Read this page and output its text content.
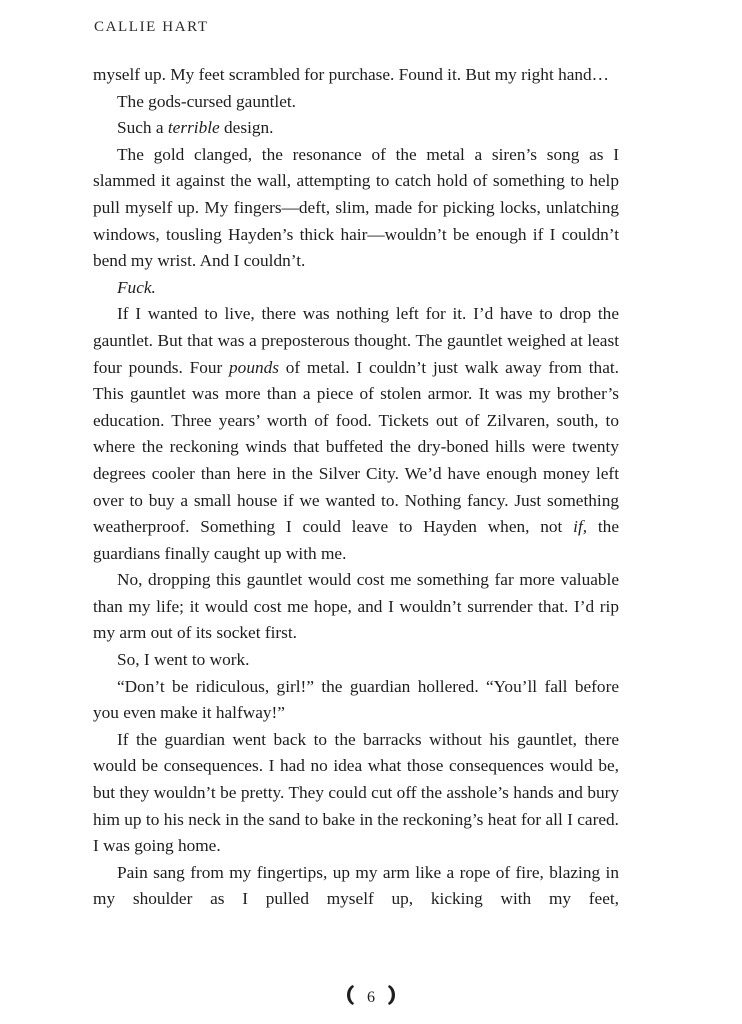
CALLIE HART

myself up. My feet scrambled for purchase. Found it. But my right hand…

The gods-cursed gauntlet.

Such a terrible design.

The gold clanged, the resonance of the metal a siren’s song as I slammed it against the wall, attempting to catch hold of something to help pull myself up. My fingers—deft, slim, made for picking locks, unlatching windows, tousling Hayden’s thick hair—wouldn’t be enough if I couldn’t bend my wrist. And I couldn’t.

Fuck.

If I wanted to live, there was nothing left for it. I’d have to drop the gauntlet. But that was a preposterous thought. The gauntlet weighed at least four pounds. Four pounds of metal. I couldn’t just walk away from that. This gauntlet was more than a piece of stolen armor. It was my brother’s education. Three years’ worth of food. Tickets out of Zilvaren, south, to where the reckoning winds that buffeted the dry-boned hills were twenty degrees cooler than here in the Silver City. We’d have enough money left over to buy a small house if we wanted to. Nothing fancy. Just something weatherproof. Something I could leave to Hayden when, not if, the guardians finally caught up with me.

No, dropping this gauntlet would cost me something far more valuable than my life; it would cost me hope, and I wouldn’t surrender that. I’d rip my arm out of its socket first.

So, I went to work.

“Don’t be ridiculous, girl!” the guardian hollered. “You’ll fall before you even make it halfway!”

If the guardian went back to the barracks without his gauntlet, there would be consequences. I had no idea what those consequences would be, but they wouldn’t be pretty. They could cut off the asshole’s hands and bury him up to his neck in the sand to bake in the reckoning’s heat for all I cared. I was going home.

Pain sang from my fingertips, up my arm like a rope of fire, blazing in my shoulder as I pulled myself up, kicking with my feet,

6
